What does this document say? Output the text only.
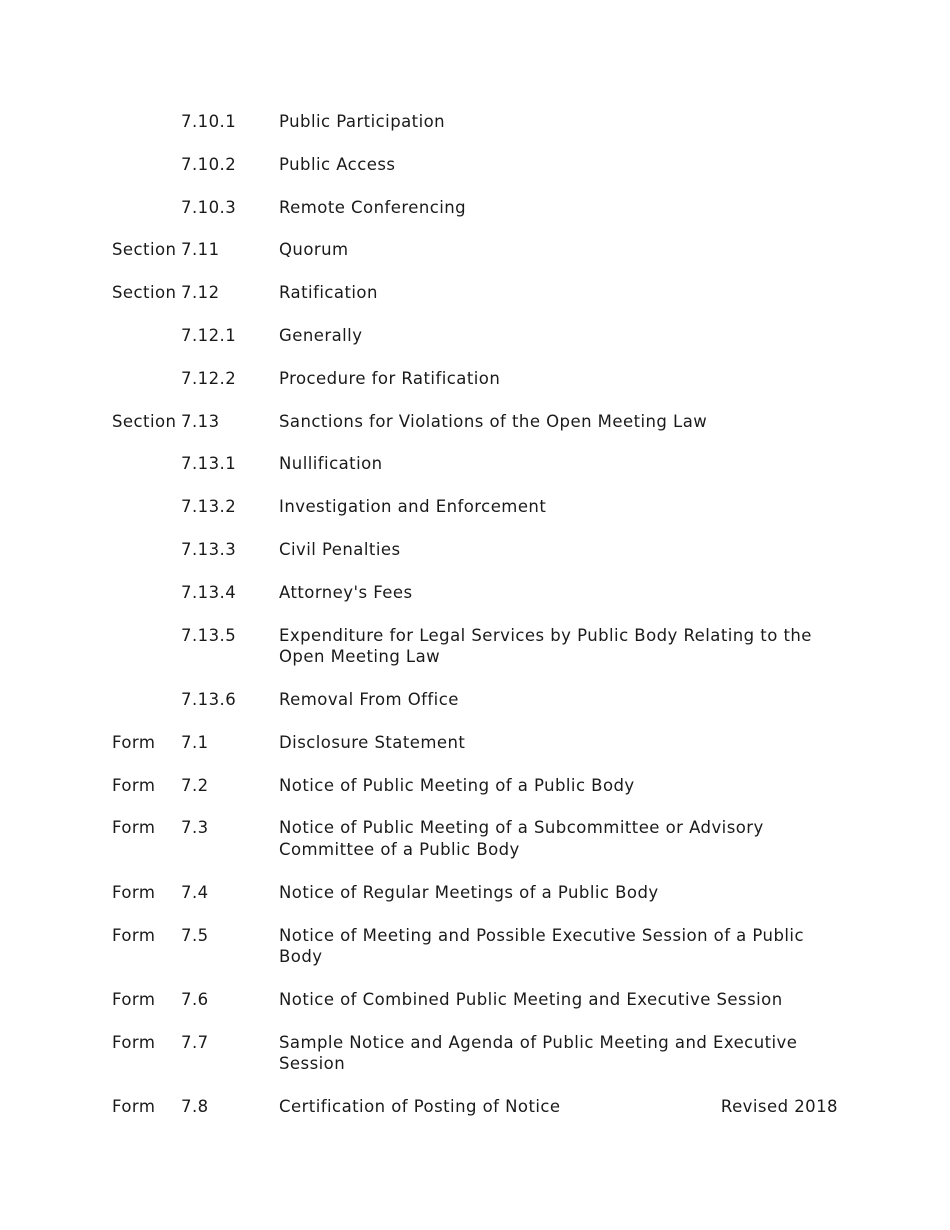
7.10.1	Public Participation
7.10.2	Public Access
7.10.3	Remote Conferencing
Section 7.11	Quorum
Section 7.12	Ratification
7.12.1	Generally
7.12.2	Procedure for Ratification
Section 7.13	Sanctions for Violations of the Open Meeting Law
7.13.1	Nullification
7.13.2	Investigation and Enforcement
7.13.3	Civil Penalties
7.13.4	Attorney's Fees
7.13.5	Expenditure for Legal Services by Public Body Relating to the Open Meeting Law
7.13.6	Removal From Office
Form	7.1	Disclosure Statement
Form	7.2	Notice of Public Meeting of a Public Body
Form	7.3	Notice of Public Meeting of a Subcommittee or Advisory Committee of a Public Body
Form	7.4	Notice of Regular Meetings of a Public Body
Form	7.5	Notice of Meeting and Possible Executive Session of a Public Body
Form	7.6	Notice of Combined Public Meeting and Executive Session
Form	7.7	Sample Notice and Agenda of Public Meeting and Executive Session
Form	7.8	Certification of Posting of Notice	Revised 2018
